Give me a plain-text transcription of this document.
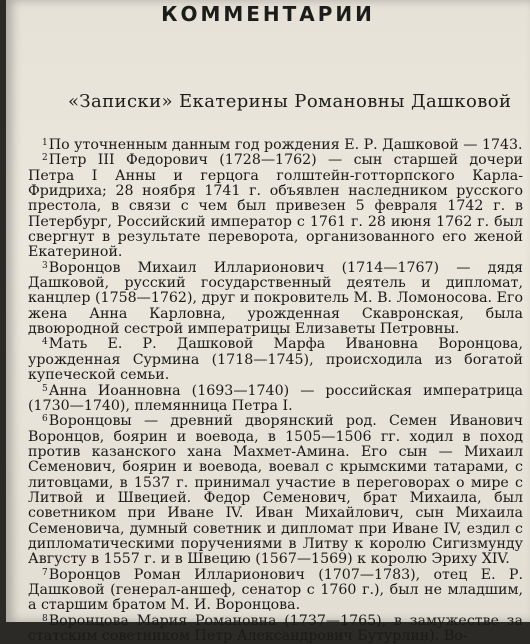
КОММЕНТАРИИ
«Записки» Екатерины Романовны Дашковой

$^1$По уточненным данным год рождения Е. Р. Дашковой — 1743.

$^2$Петр III Федорович (1728—1762) — сын старшей дочери Петра I Анны и герцога голштейн-готторпского Карла-Фридриха; 28 ноября 1741 г. объявлен наследником русского престола, в связи с чем был привезен 5 февраля 1742 г. в Петербург, Российский император с 1761 г. 28 июня 1762 г. был свергнут в результате переворота, организованного его женой Екатериной.

$^3$Воронцов Михаил Илларионович (1714—1767) — дядя Дашковой, русский государственный деятель и дипломат, канцлер (1758—1762), друг и покровитель М. В. Ломоносова. Его жена Анна Карловна, урожденная Скавронская, была двоюродной сестрой императрицы Елизаветы Петровны.

$^4$Мать Е. Р. Дашковой Марфа Ивановна Воронцова, урожденная Сурмина (1718—1745), происходила из богатой купеческой семьи.

$^5$Анна Иоанновна (1693—1740) — российская императрица (1730—1740), племянница Петра I.

$^6$Воронцовы — древний дворянский род. Семен Иванович Воронцов, боярин и воевода, в 1505—1506 гг. ходил в поход против казанского хана Махмет-Амина. Его сын — Михаил Семенович, боярин и воевода, воевал с крымскими татарами, с литовцами, в 1537 г. принимал участие в переговорах о мире с Литвой и Швецией. Федор Семенович, брат Михаила, был советником при Иване IV. Иван Михайлович, сын Михаила Семеновича, думный советник и дипломат при Иване IV, ездил с дипломатическими поручениями в Литву к королю Сигизмунду Августу в 1557 г. и в Швецию (1567—1569) к королю Эриху XIV.

$^7$Воронцов Роман Илларионович (1707—1783), отец Е. Р. Дашковой (генерал-аншеф, сенатор с 1760 г.), был не младшим, а старшим братом М. И. Воронцова.

$^8$Воронцова Мария Романовна (1737—1765), в замужестве за статским советником Петр Александрович Бутурлин). Во-
